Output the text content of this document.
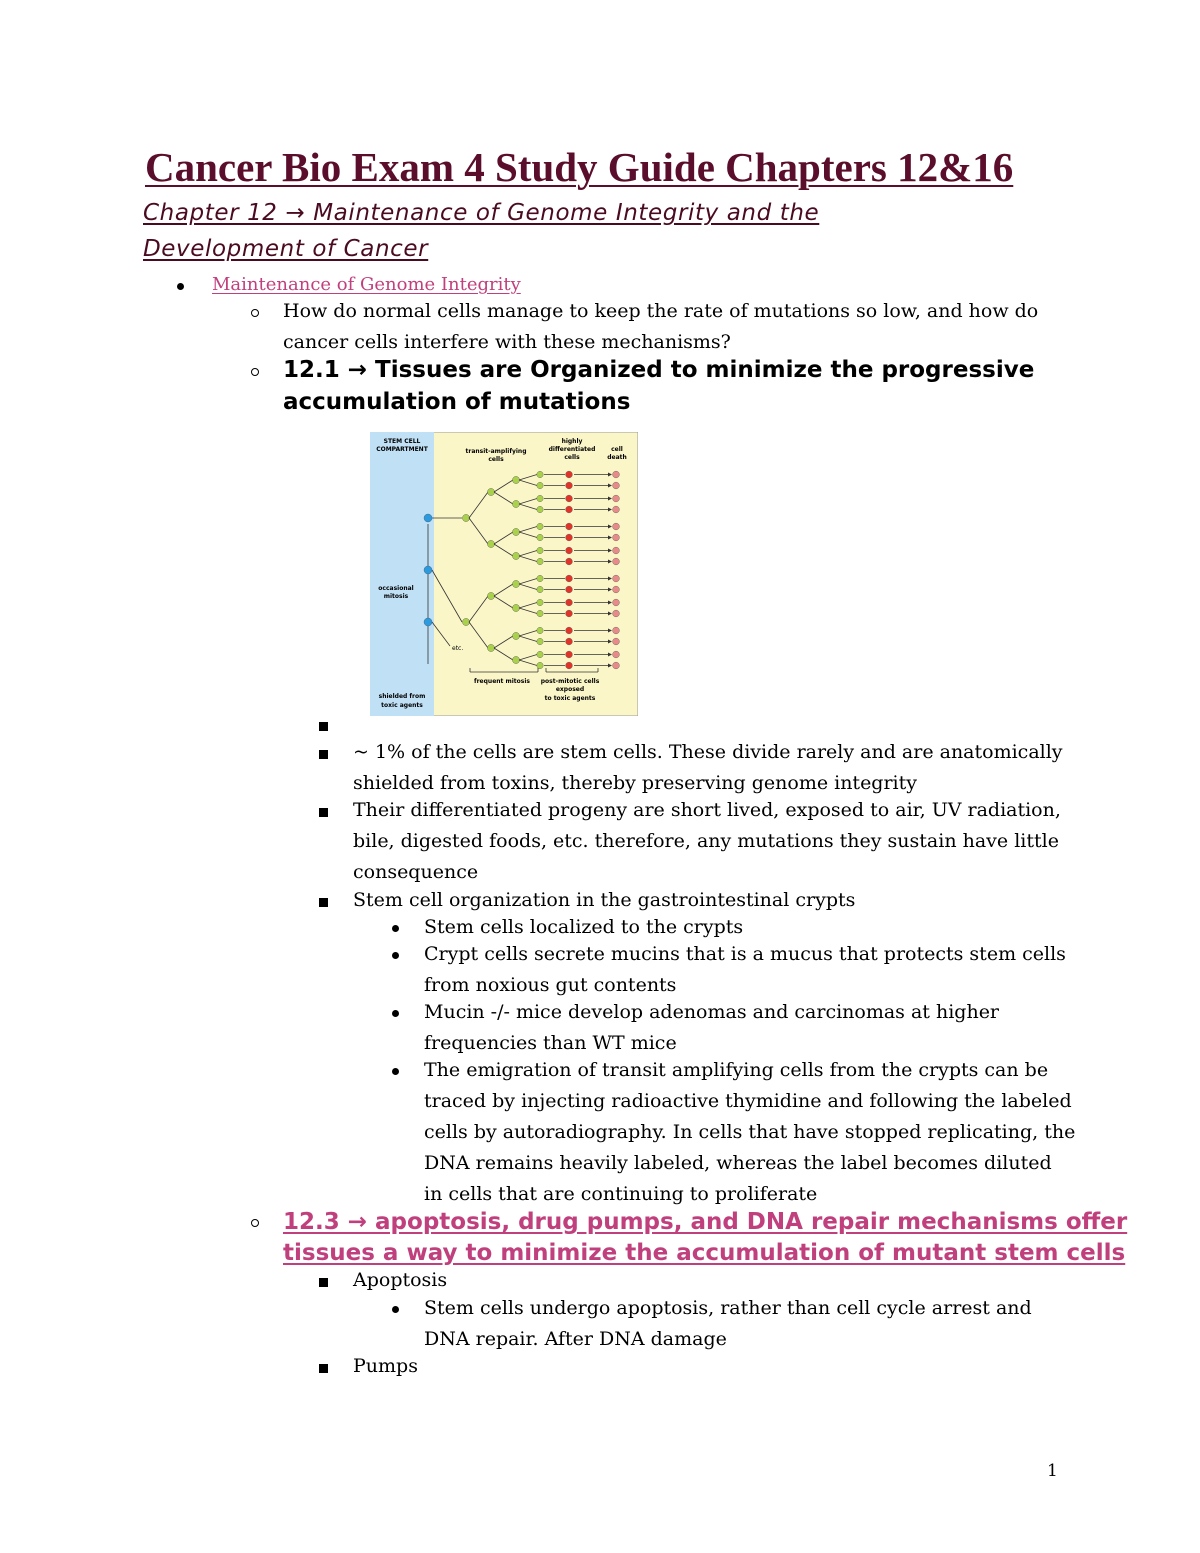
Cancer Bio Exam 4 Study Guide Chapters 12&16
Chapter 12 → Maintenance of Genome Integrity and the
Development of Cancer
Maintenance of Genome Integrity
How do normal cells manage to keep the rate of mutations so low, and how do
cancer cells interfere with these mechanisms?
12.1 → Tissues are Organized to minimize the progressive
accumulation of mutations
STEM CELL
COMPARTMENT	transit-amplifying
cells
highly
differentiated
cells
cell
death
occasional
mitosis
etc.
frequent mitosis post-mitotic cells
exposed
to toxic agents
shielded from
toxic agents
~ 1% of the cells are stem cells. These divide rarely and are anatomically
shielded from toxins, thereby preserving genome integrity
Their differentiated progeny are short lived, exposed to air, UV radiation,
bile, digested foods, etc. therefore, any mutations they sustain have little
consequence
Stem cell organization in the gastrointestinal crypts
Stem cells localized to the crypts
Crypt cells secrete mucins that is a mucus that protects stem cells
from noxious gut contents
Mucin -/- mice develop adenomas and carcinomas at higher
frequencies than WT mice
The emigration of transit amplifying cells from the crypts can be
traced by injecting radioactive thymidine and following the labeled
cells by autoradiography. In cells that have stopped replicating, the
DNA remains heavily labeled, whereas the label becomes diluted
in cells that are continuing to proliferate
12.3 → apoptosis, drug pumps, and DNA repair mechanisms offer
tissues a way to minimize the accumulation of mutant stem cells
Apoptosis
Stem cells undergo apoptosis, rather than cell cycle arrest and
DNA repair. After DNA damage
Pumps
1
